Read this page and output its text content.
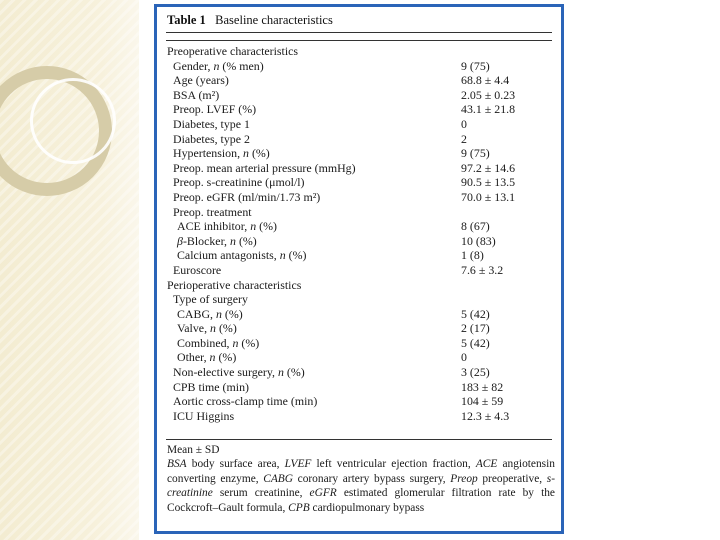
Table 1 Baseline characteristics
Preoperative characteristics
Gender, n (% men)	9 (75)
Age (years)	68.8 ± 4.4
BSA (m²)	2.05 ± 0.23
Preop. LVEF (%)	43.1 ± 21.8
Diabetes, type 1	0
Diabetes, type 2	2
Hypertension, n (%)	9 (75)
Preop. mean arterial pressure (mmHg)	97.2 ± 14.6
Preop. s-creatinine (μmol/l)	90.5 ± 13.5
Preop. eGFR (ml/min/1.73 m²)	70.0 ± 13.1
Preop. treatment
ACE inhibitor, n (%)	8 (67)
β-Blocker, n (%)	10 (83)
Calcium antagonists, n (%)	1 (8)
Euroscore	7.6 ± 3.2
Perioperative characteristics
Type of surgery
CABG, n (%)	5 (42)
Valve, n (%)	2 (17)
Combined, n (%)	5 (42)
Other, n (%)	0
Non-elective surgery, n (%)	3 (25)
CPB time (min)	183 ± 82
Aortic cross-clamp time (min)	104 ± 59
ICU Higgins	12.3 ± 4.3
Mean ± SD
BSA body surface area, LVEF left ventricular ejection fraction, ACE angiotensin converting enzyme, CABG coronary artery bypass surgery, Preop preoperative, s-creatinine serum creatinine, eGFR estimated glomerular filtration rate by the Cockcroft–Gault formula, CPB cardiopulmonary bypass
